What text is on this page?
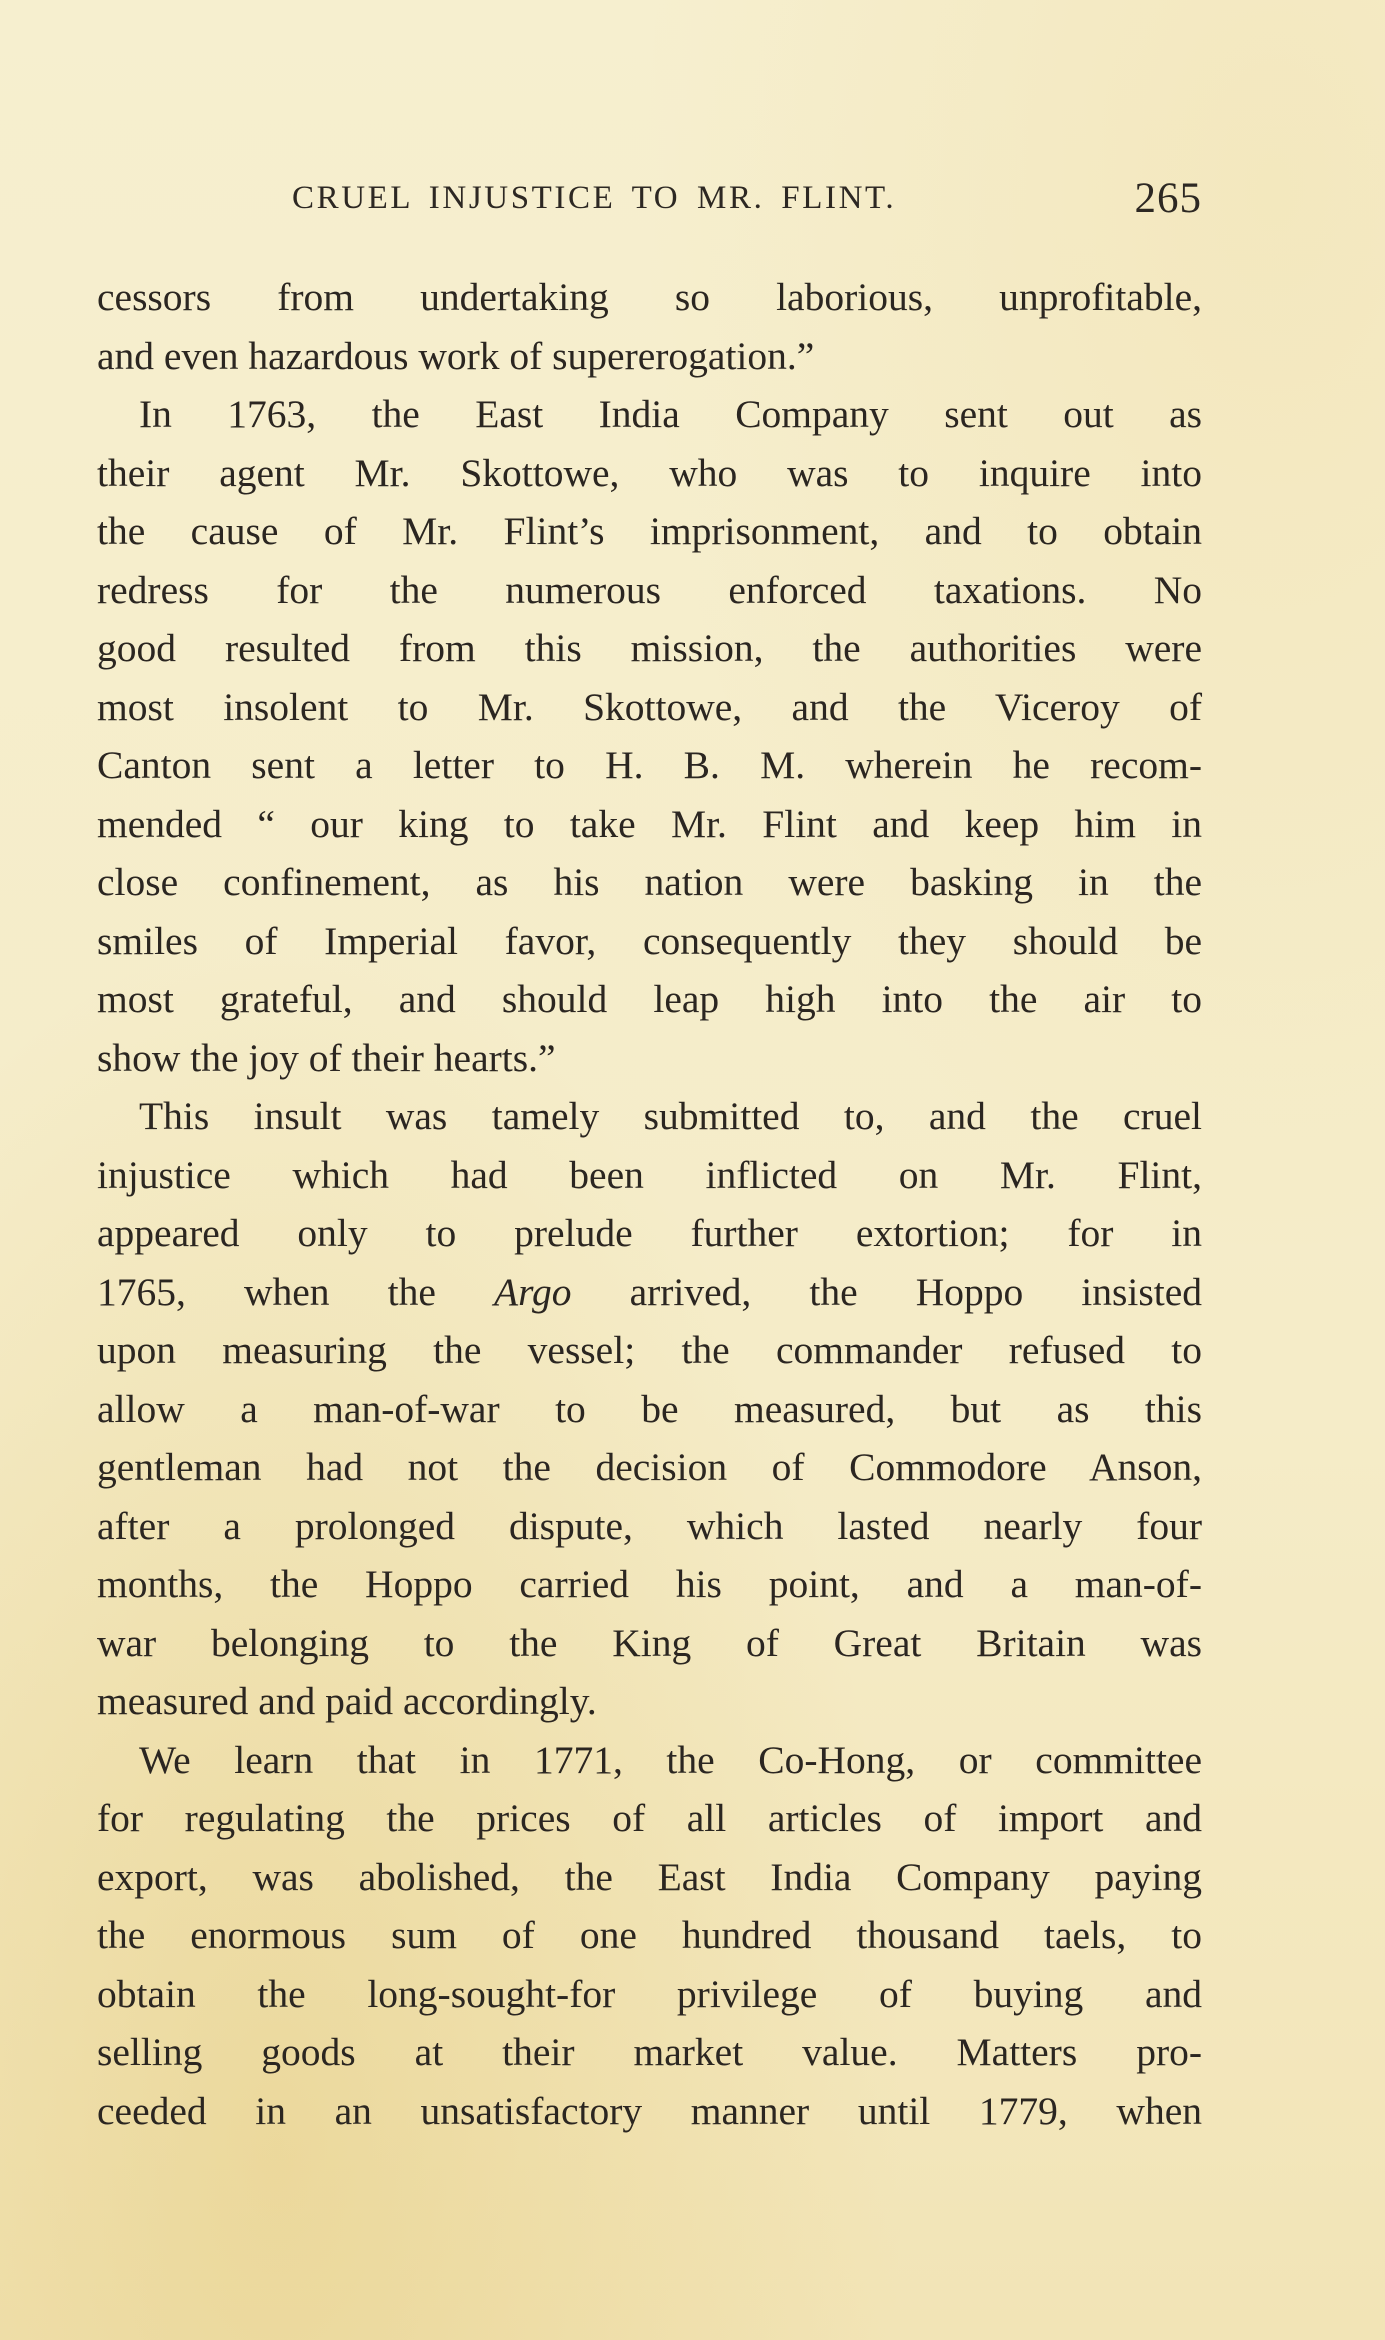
CRUEL INJUSTICE TO MR. FLINT.	265
cessors from undertaking so laborious, unprofitable,
and even hazardous work of supererogation.”
In 1763, the East India Company sent out as
their agent Mr. Skottowe, who was to inquire into
the cause of Mr. Flint’s imprisonment, and to obtain
redress for the numerous enforced taxations. No
good resulted from this mission, the authorities were
most insolent to Mr. Skottowe, and the Viceroy of
Canton sent a letter to H. B. M. wherein he recom-
mended “ our king to take Mr. Flint and keep him in
close confinement, as his nation were basking in the
smiles of Imperial favor, consequently they should be
most grateful, and should leap high into the air to
show the joy of their hearts.”
This insult was tamely submitted to, and the cruel
injustice which had been inflicted on Mr. Flint,
appeared only to prelude further extortion; for in
1765, when the Argo arrived, the Hoppo insisted
upon measuring the vessel; the commander refused to
allow a man-of-war to be measured, but as this
gentleman had not the decision of Commodore Anson,
after a prolonged dispute, which lasted nearly four
months, the Hoppo carried his point, and a man-of-
war belonging to the King of Great Britain was
measured and paid accordingly.
We learn that in 1771, the Co-Hong, or committee
for regulating the prices of all articles of import and
export, was abolished, the East India Company paying
the enormous sum of one hundred thousand taels, to
obtain the long-sought-for privilege of buying and
selling goods at their market value. Matters pro-
ceeded in an unsatisfactory manner until 1779, when
